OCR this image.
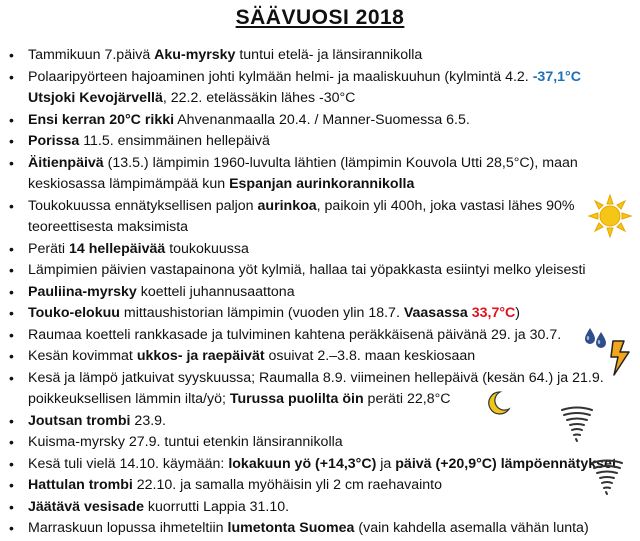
SÄÄVUOSI 2018
• Tammikuun 7.päivä Aku-myrsky tuntui etelä- ja länsirannikolla
• Polaaripyörteen hajoaminen johti kylmään helmi- ja maaliskuuhun (kylmintä 4.2. -37,1°C
Utsjoki Kevojärvellä, 22.2. etelässäkin lähes -30°C
• Ensi kerran 20°C rikki Ahvenanmaalla 20.4. / Manner-Suomessa 6.5.
• Porissa 11.5. ensimmäinen hellepäivä
• Äitienpäivä (13.5.) lämpimin 1960-luvulta lähtien (lämpimin Kouvola Utti 28,5°C), maan
keskiosassa lämpimämpää kun Espanjan aurinkorannikolla
• Toukokuussa ennätyksellisen paljon aurinkoa, paikoin yli 400h, joka vastasi lähes 90%
teoreettisesta maksimista
• Peräti 14 hellepäivää toukokuussa
• Lämpimien päivien vastapainona yöt kylmiä, hallaa tai yöpakkasta esiintyi melko yleisesti
• Pauliina-myrsky koetteli juhannusaattona
• Touko-elokuu mittaushistorian lämpimin (vuoden ylin 18.7. Vaasassa 33,7°C)
• Raumaa koetteli rankkasade ja tulviminen kahtena peräkkäisenä päivänä 29. ja 30.7.
• Kesän kovimmat ukkos- ja raepäivät osuivat 2.–3.8. maan keskiosaan
• Kesä ja lämpö jatkuivat syyskuussa; Raumalla 8.9. viimeinen hellepäivä (kesän 64.) ja 21.9.
poikkeuksellisen lämmin ilta/yö; Turussa puolilta öin peräti 22,8°C
• Joutsan trombi 23.9.
• Kuisma-myrsky 27.9. tuntui etenkin länsirannikolla
• Kesä tuli vielä 14.10. käymään: lokakuun yö (+14,3°C) ja päivä (+20,9°C) lämpöennätykset
• Hattulan trombi 22.10. ja samalla myöhäisin yli 2 cm raehavainto
• Jäätävä vesisade kuorrutti Lappia 31.10.
• Marraskuun lopussa ihmeteltiin lumetonta Suomea (vain kahdella asemalla vähän lunta)
